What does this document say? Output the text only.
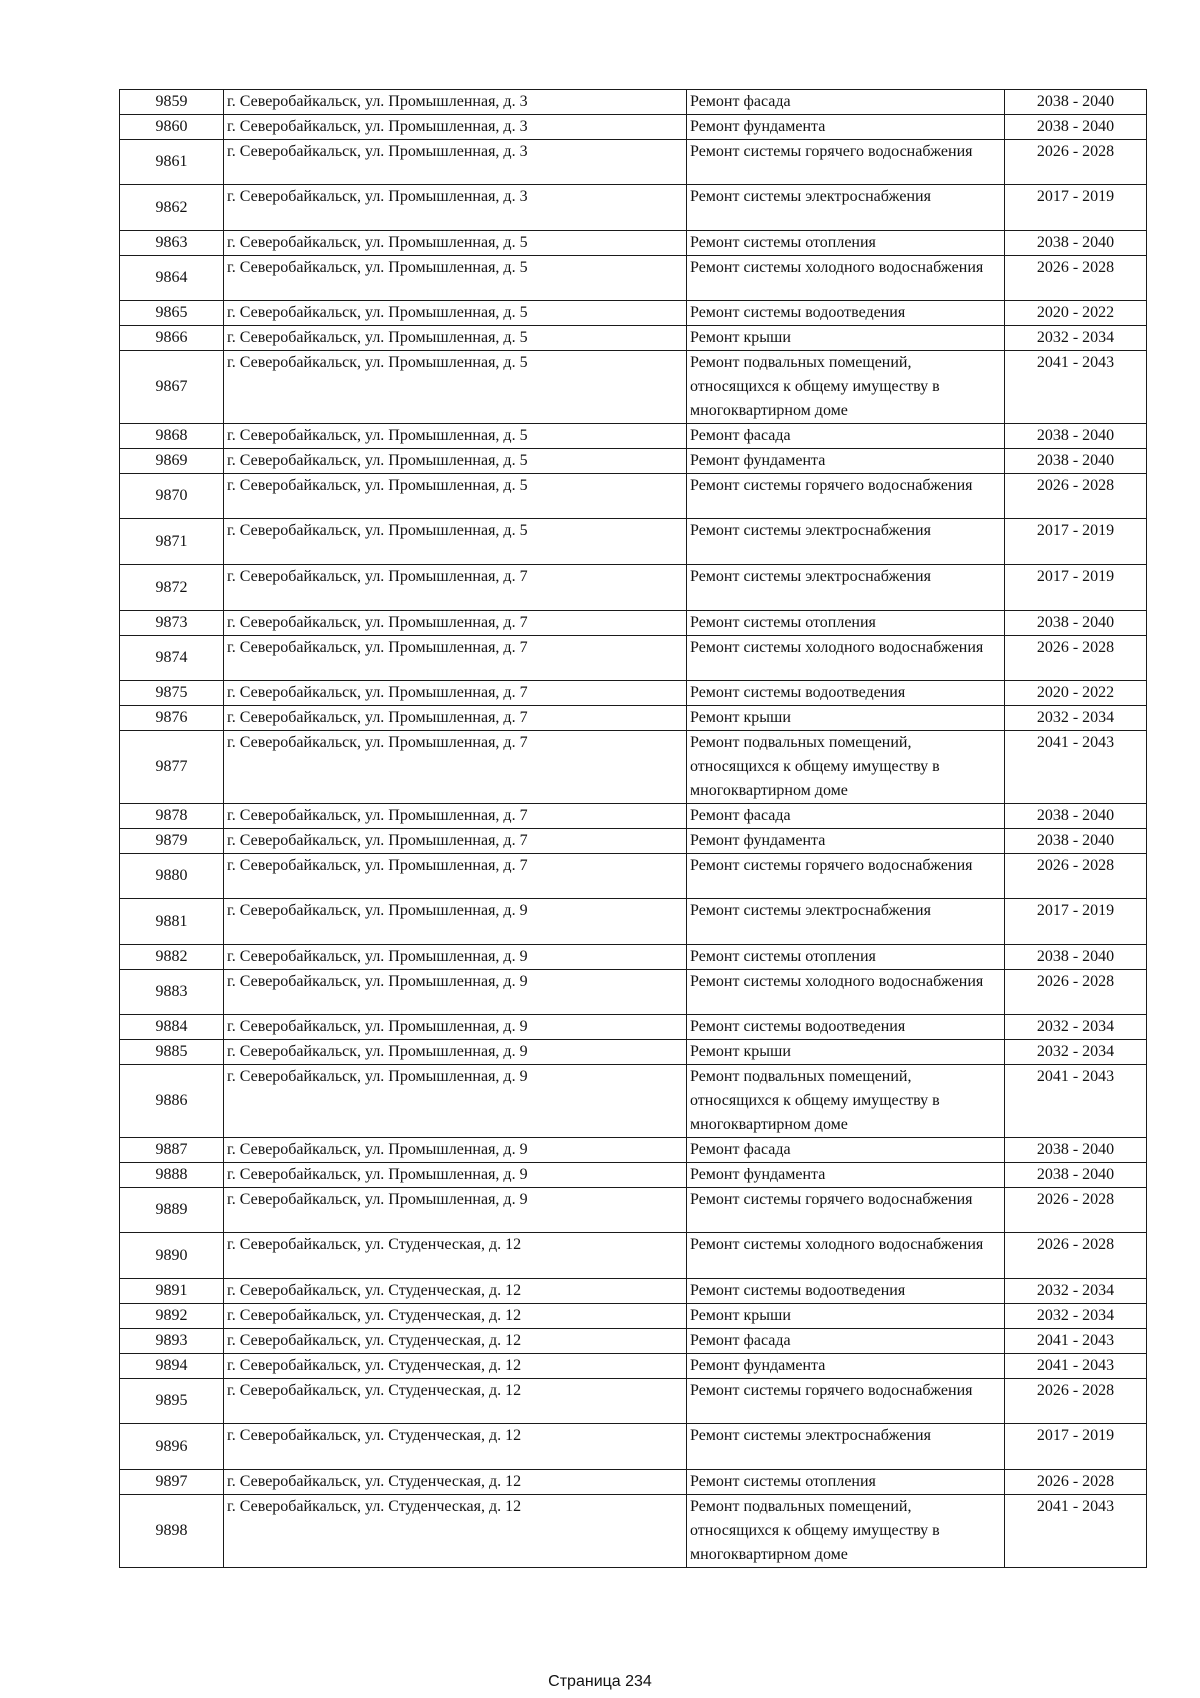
9859	г. Северобайкальск, ул. Промышленная, д. 3	Ремонт фасада	2038 - 2040
9860	г. Северобайкальск, ул. Промышленная, д. 3	Ремонт фундамента	2038 - 2040
9861	г. Северобайкальск, ул. Промышленная, д. 3	Ремонт системы горячего водоснабжения	2026 - 2028
9862	г. Северобайкальск, ул. Промышленная, д. 3	Ремонт системы электроснабжения	2017 - 2019
9863	г. Северобайкальск, ул. Промышленная, д. 5	Ремонт системы отопления	2038 - 2040
9864	г. Северобайкальск, ул. Промышленная, д. 5	Ремонт системы холодного водоснабжения	2026 - 2028
9865	г. Северобайкальск, ул. Промышленная, д. 5	Ремонт системы водоотведения	2020 - 2022
9866	г. Северобайкальск, ул. Промышленная, д. 5	Ремонт крыши	2032 - 2034
9867	г. Северобайкальск, ул. Промышленная, д. 5	Ремонт подвальных помещений, относящихся к общему имуществу в многоквартирном доме	2041 - 2043
9868	г. Северобайкальск, ул. Промышленная, д. 5	Ремонт фасада	2038 - 2040
9869	г. Северобайкальск, ул. Промышленная, д. 5	Ремонт фундамента	2038 - 2040
9870	г. Северобайкальск, ул. Промышленная, д. 5	Ремонт системы горячего водоснабжения	2026 - 2028
9871	г. Северобайкальск, ул. Промышленная, д. 5	Ремонт системы электроснабжения	2017 - 2019
9872	г. Северобайкальск, ул. Промышленная, д. 7	Ремонт системы электроснабжения	2017 - 2019
9873	г. Северобайкальск, ул. Промышленная, д. 7	Ремонт системы отопления	2038 - 2040
9874	г. Северобайкальск, ул. Промышленная, д. 7	Ремонт системы холодного водоснабжения	2026 - 2028
9875	г. Северобайкальск, ул. Промышленная, д. 7	Ремонт системы водоотведения	2020 - 2022
9876	г. Северобайкальск, ул. Промышленная, д. 7	Ремонт крыши	2032 - 2034
9877	г. Северобайкальск, ул. Промышленная, д. 7	Ремонт подвальных помещений, относящихся к общему имуществу в многоквартирном доме	2041 - 2043
9878	г. Северобайкальск, ул. Промышленная, д. 7	Ремонт фасада	2038 - 2040
9879	г. Северобайкальск, ул. Промышленная, д. 7	Ремонт фундамента	2038 - 2040
9880	г. Северобайкальск, ул. Промышленная, д. 7	Ремонт системы горячего водоснабжения	2026 - 2028
9881	г. Северобайкальск, ул. Промышленная, д. 9	Ремонт системы электроснабжения	2017 - 2019
9882	г. Северобайкальск, ул. Промышленная, д. 9	Ремонт системы отопления	2038 - 2040
9883	г. Северобайкальск, ул. Промышленная, д. 9	Ремонт системы холодного водоснабжения	2026 - 2028
9884	г. Северобайкальск, ул. Промышленная, д. 9	Ремонт системы водоотведения	2032 - 2034
9885	г. Северобайкальск, ул. Промышленная, д. 9	Ремонт крыши	2032 - 2034
9886	г. Северобайкальск, ул. Промышленная, д. 9	Ремонт подвальных помещений, относящихся к общему имуществу в многоквартирном доме	2041 - 2043
9887	г. Северобайкальск, ул. Промышленная, д. 9	Ремонт фасада	2038 - 2040
9888	г. Северобайкальск, ул. Промышленная, д. 9	Ремонт фундамента	2038 - 2040
9889	г. Северобайкальск, ул. Промышленная, д. 9	Ремонт системы горячего водоснабжения	2026 - 2028
9890	г. Северобайкальск, ул. Студенческая, д. 12	Ремонт системы холодного водоснабжения	2026 - 2028
9891	г. Северобайкальск, ул. Студенческая, д. 12	Ремонт системы водоотведения	2032 - 2034
9892	г. Северобайкальск, ул. Студенческая, д. 12	Ремонт крыши	2032 - 2034
9893	г. Северобайкальск, ул. Студенческая, д. 12	Ремонт фасада	2041 - 2043
9894	г. Северобайкальск, ул. Студенческая, д. 12	Ремонт фундамента	2041 - 2043
9895	г. Северобайкальск, ул. Студенческая, д. 12	Ремонт системы горячего водоснабжения	2026 - 2028
9896	г. Северобайкальск, ул. Студенческая, д. 12	Ремонт системы электроснабжения	2017 - 2019
9897	г. Северобайкальск, ул. Студенческая, д. 12	Ремонт системы отопления	2026 - 2028
9898	г. Северобайкальск, ул. Студенческая, д. 12	Ремонт подвальных помещений, относящихся к общему имуществу в многоквартирном доме	2041 - 2043
Страница 234
